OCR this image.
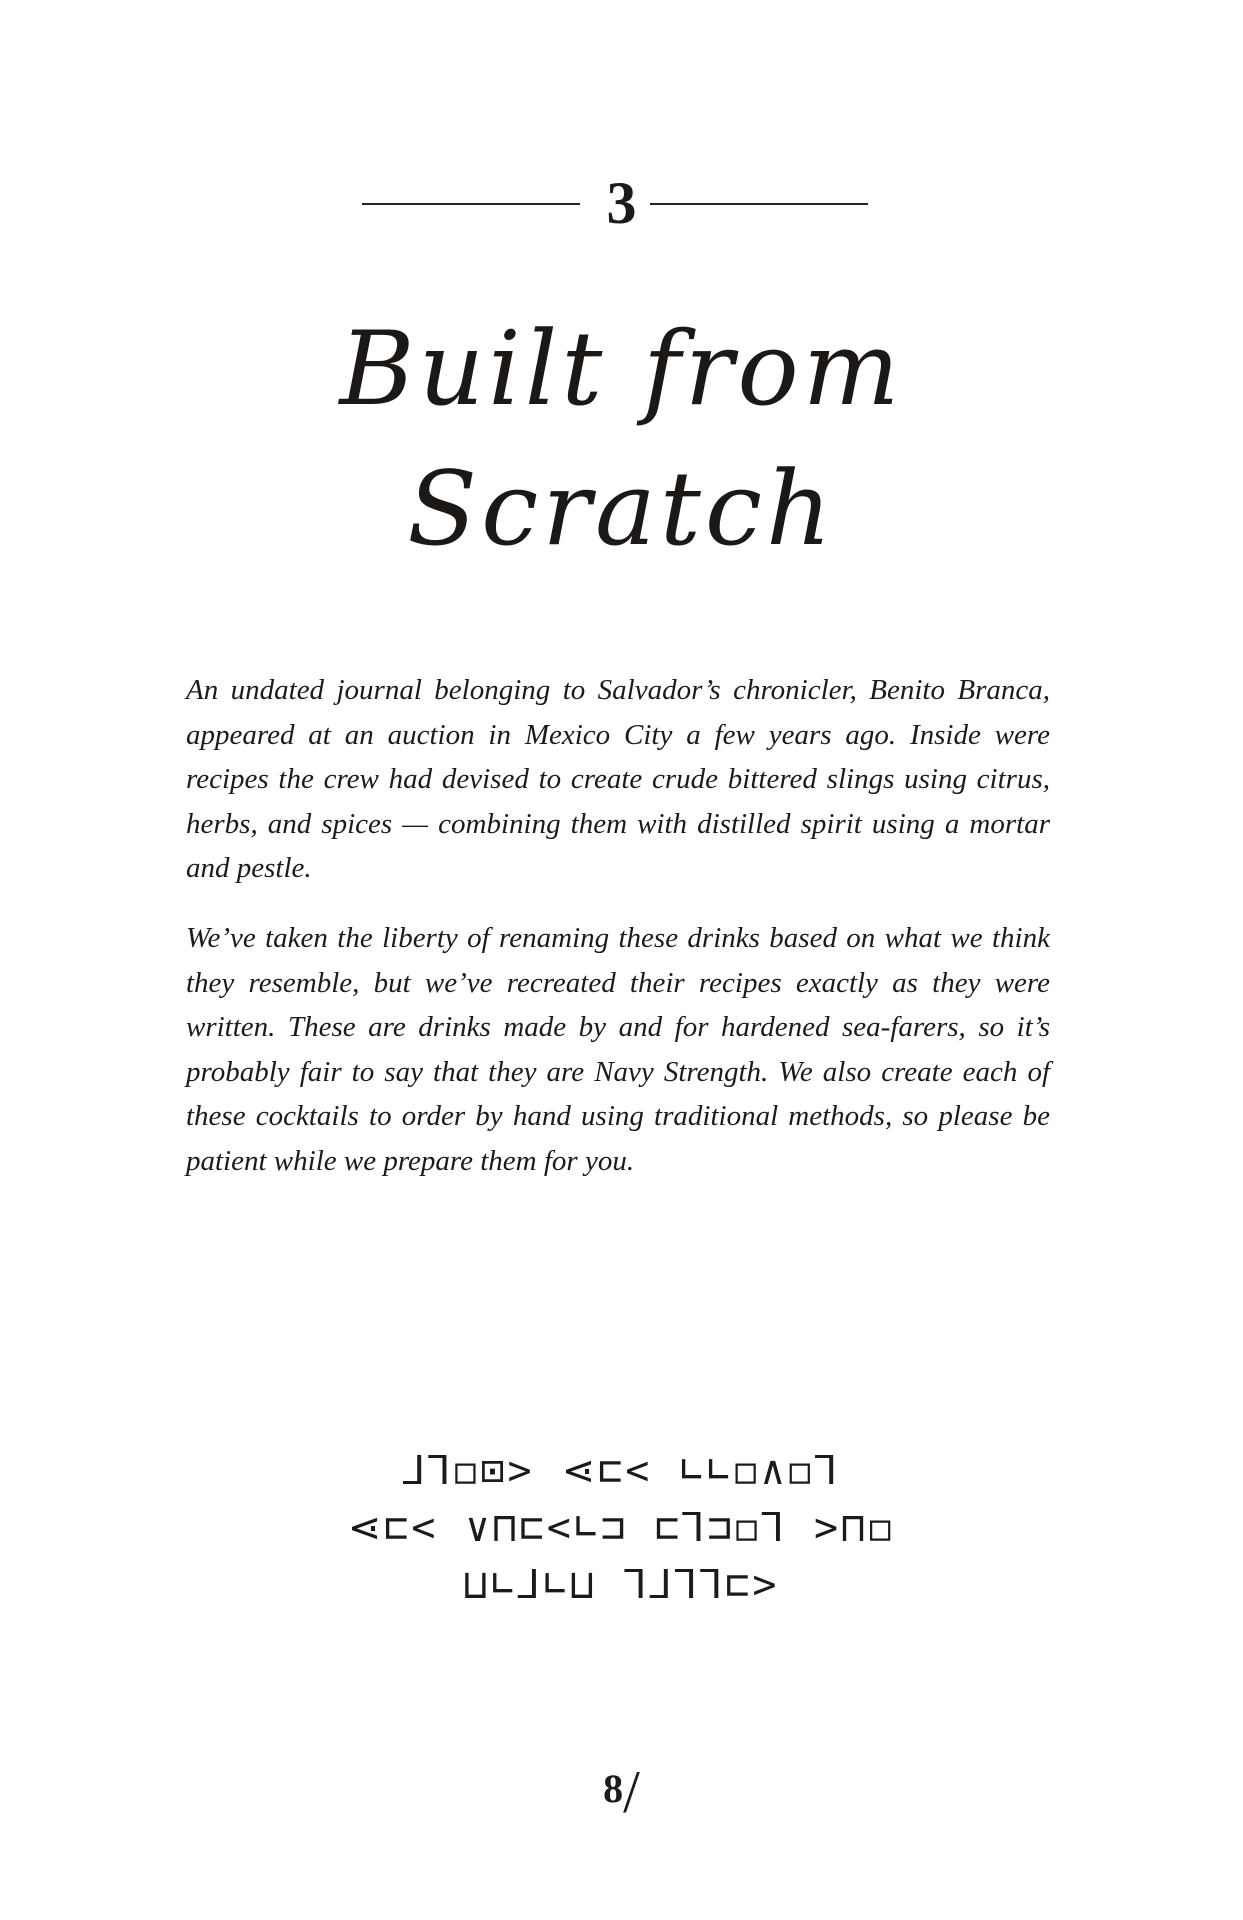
3
Built from
Scratch

An undated journal belonging to Salvador’s chronicler, Benito Branca, appeared at an auction in Mexico City a few years ago. Inside were recipes the crew had devised to create crude bittered slings using citrus, herbs, and spices — combining them with distilled spirit using a mortar and pestle.

We’ve taken the liberty of renaming these drinks based on what we think they resemble, but we’ve recreated their recipes exactly as they were written. These are drinks made by and for hardened sea-farers, so it’s probably fair to say that they are Navy Strength. We also create each of these cocktails to order by hand using traditional methods, so please be patient while we prepare them for you.

⅃⅂◻⊡> ⋖⊏< ∟∟◻∧◻⅂
⋖⊏< ∨⊓⊏<∟⊐ ⊏⅂⊐◻⅂ >⊓◻
⊔∟⅃∟⊔ ⅂⅃⅂⅂⊏>
8/
